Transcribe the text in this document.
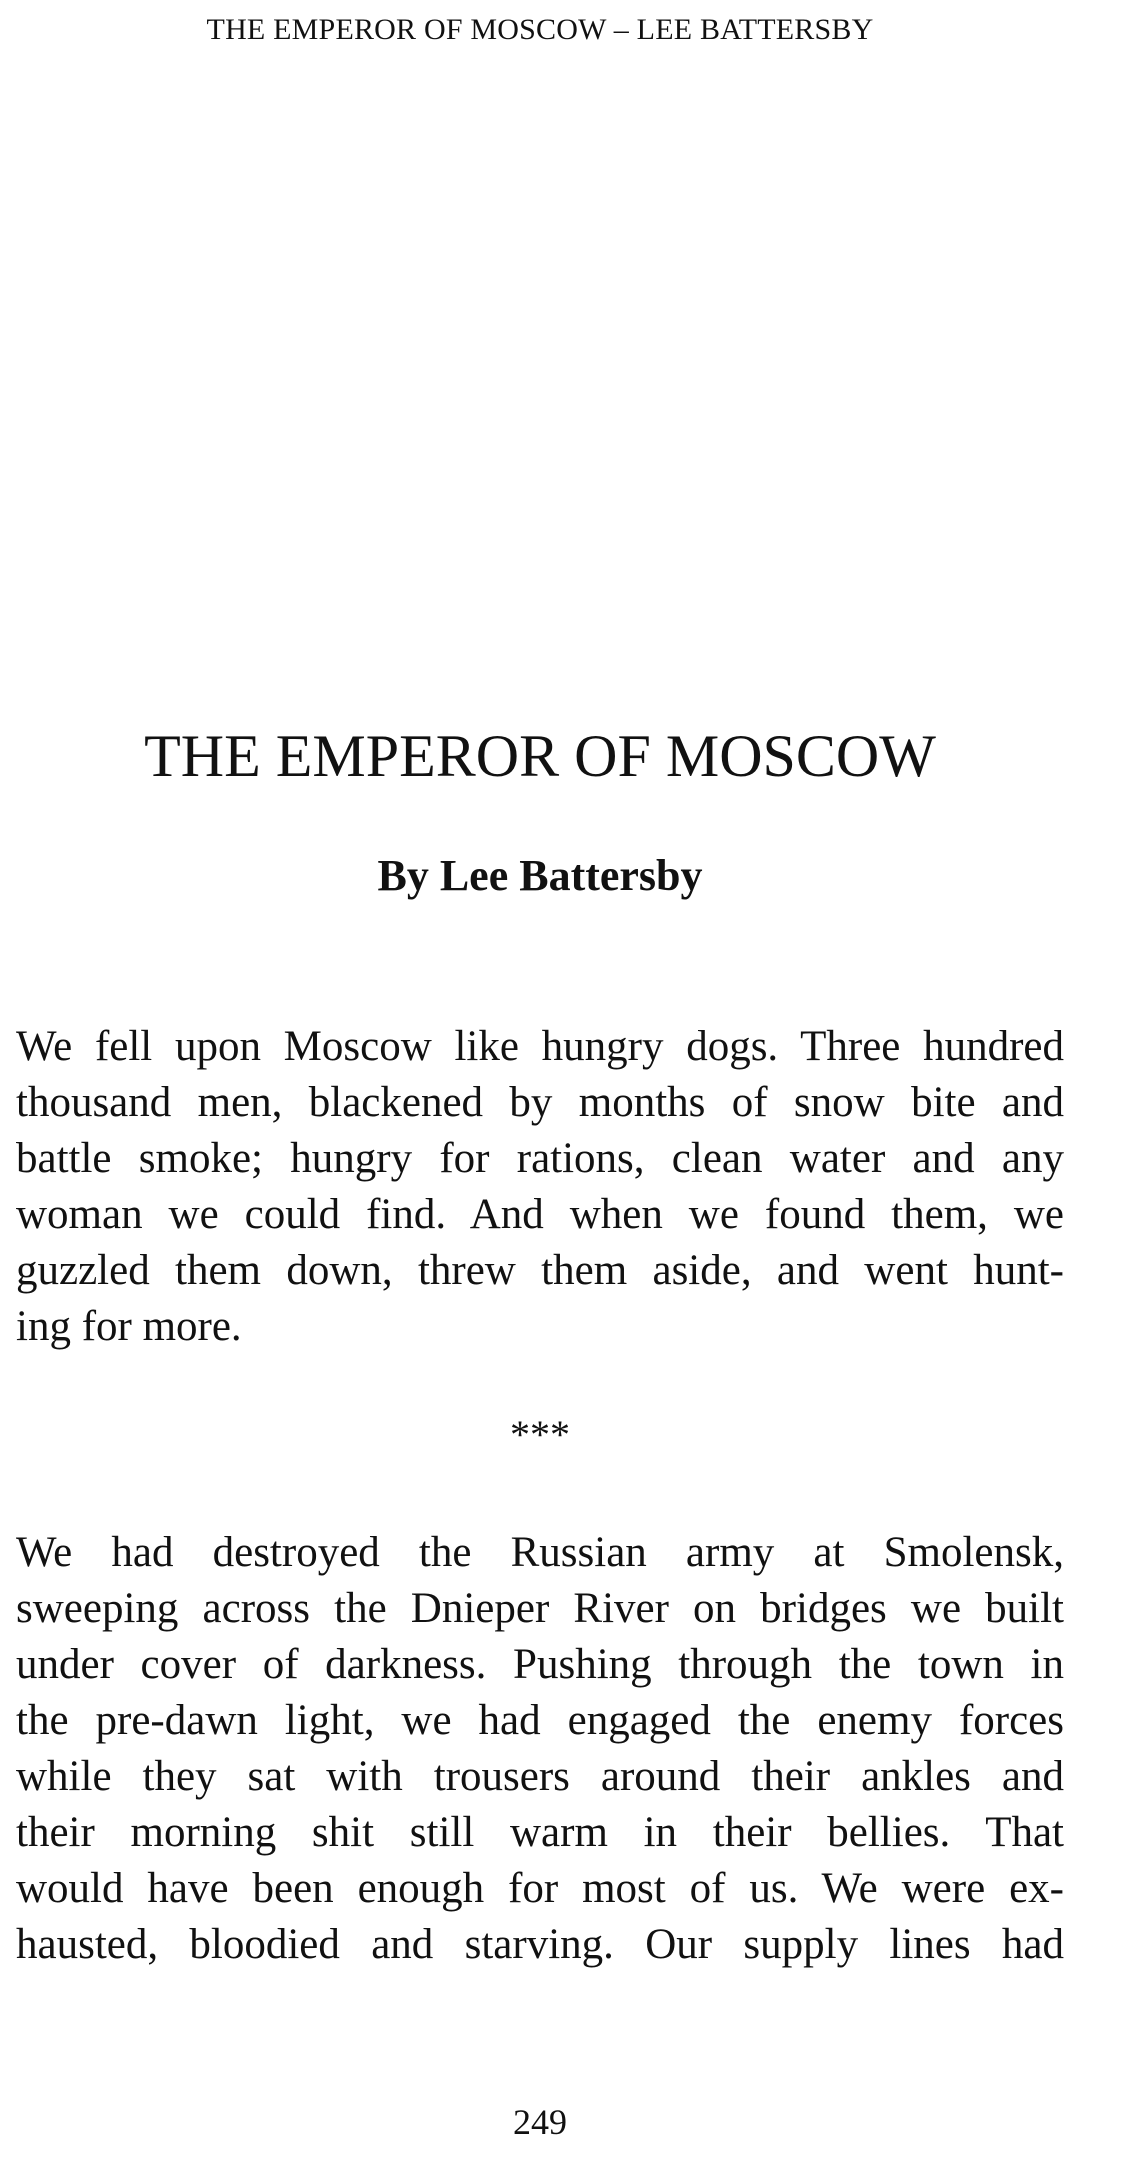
THE EMPEROR OF MOSCOW – LEE BATTERSBY
THE EMPEROR OF MOSCOW
By Lee Battersby
We fell upon Moscow like hungry dogs. Three hundred
thousand men, blackened by months of snow bite and
battle smoke; hungry for rations, clean water and any
woman we could find. And when we found them, we
guzzled them down, threw them aside, and went hunt-
ing for more.
***
We had destroyed the Russian army at Smolensk,
sweeping across the Dnieper River on bridges we built
under cover of darkness. Pushing through the town in
the pre-dawn light, we had engaged the enemy forces
while they sat with trousers around their ankles and
their morning shit still warm in their bellies. That
would have been enough for most of us. We were ex-
hausted, bloodied and starving. Our supply lines had
249
